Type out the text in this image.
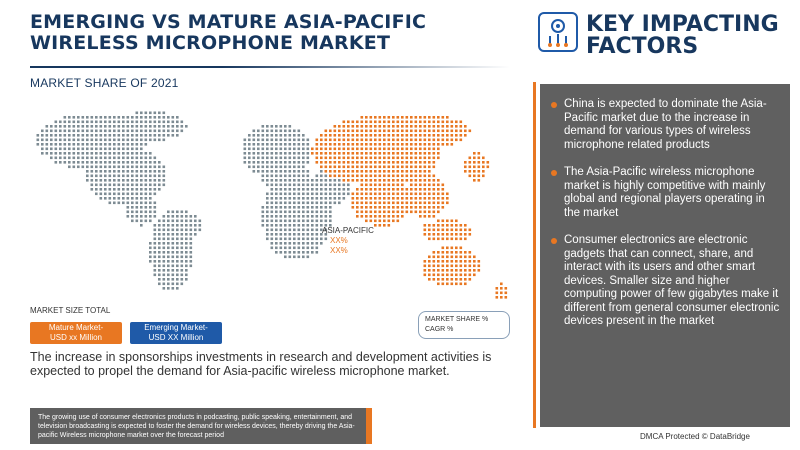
EMERGING VS MATURE ASIA-PACIFIC
WIRELESS MICROPHONE MARKET
MARKET SHARE OF 2021
ASIA-PACIFIC
XX%
XX%
MARKET SIZE TOTAL
Mature Market-
USD xx Million
Emerging Market-
USD XX Million
MARKET SHARE %
CAGR %
The increase in sponsorships investments in research and development activities is expected to propel the demand for Asia-pacific wireless microphone market.
The growing use of consumer electronics products in podcasting, public speaking, entertainment, and television broadcasting is expected to foster the demand for wireless devices, thereby driving the Asia-pacific Wireless microphone market over the forecast period
KEY IMPACTING
FACTORS
China is expected to dominate the Asia-Pacific market due to the increase in demand for various types of wireless microphone related products
The Asia-Pacific wireless microphone market is highly competitive with mainly global and regional players operating in the market
Consumer electronics are electronic gadgets that can connect, share, and interact with its users and other smart devices. Smaller size and higher computing power of few gigabytes make it different from general consumer electronic devices present in the market
DMCA Protected © DataBridge
